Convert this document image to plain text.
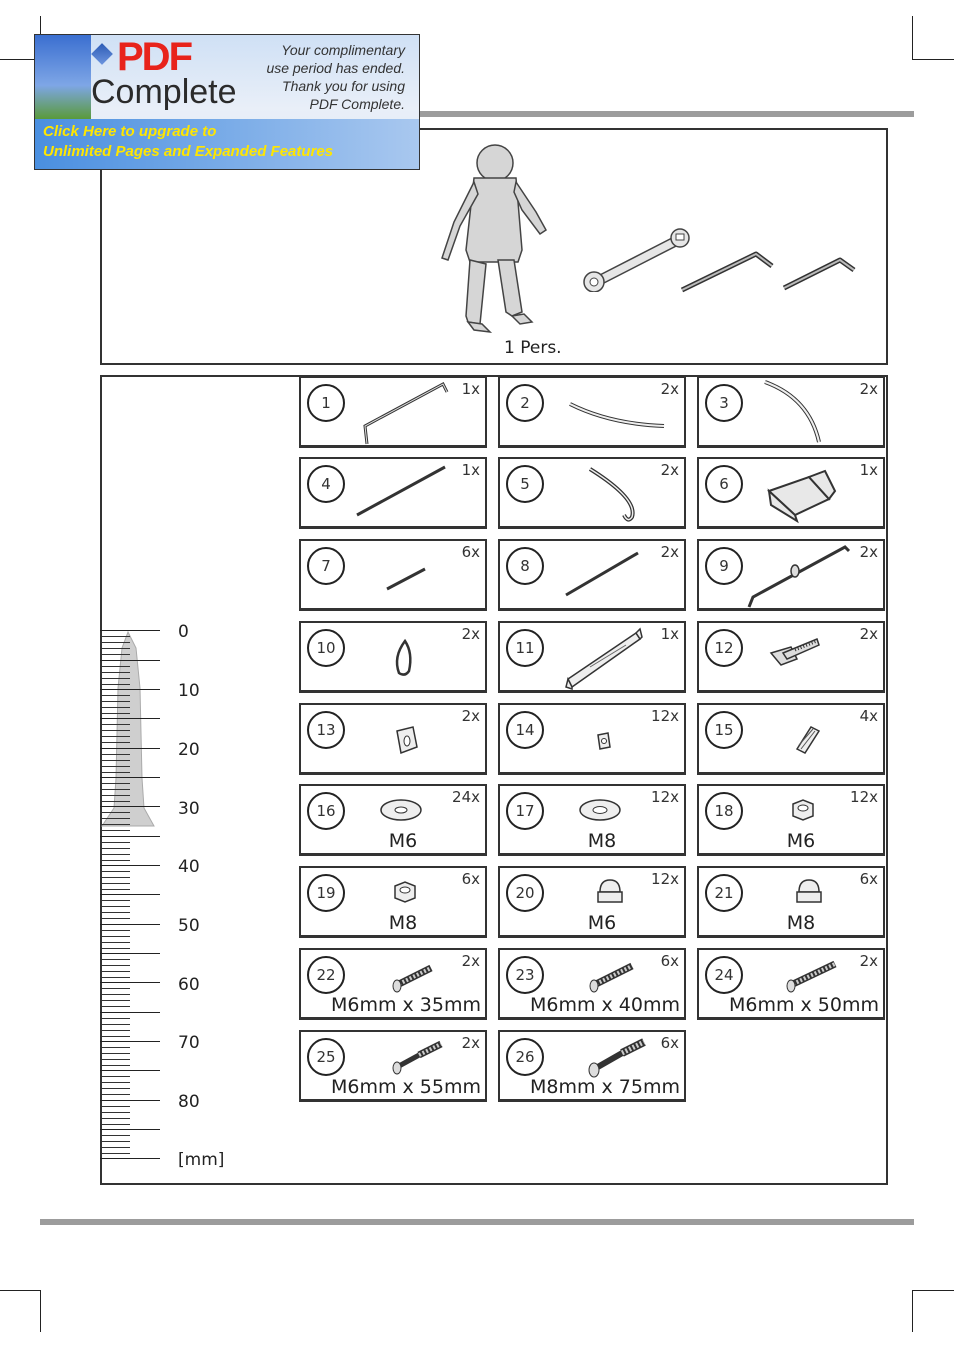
1 Pers.
0
10
20
30
40
50
60
70
80
[mm]
1
1x
2
2x
3
2x
4
1x
5
2x
6
1x
7
6x
8
2x
9
2x
10
2x
11
1x
12
2x
13
2x
14
12x
15
4x
16
24x
M6
17
12x
M8
18
12x
M6
19
6x
M8
20
12x
M6
21
6x
M8
22
2x
M6mm x 35mm
23
6x
M6mm x 40mm
24
2x
M6mm x 50mm
25
2x
M6mm x 55mm
26
6x
M8mm x 75mm
PDF
Complete
Your complimentary
use period has ended.
Thank you for using
PDF Complete.
Click Here to upgrade to
Unlimited Pages and Expanded Features
